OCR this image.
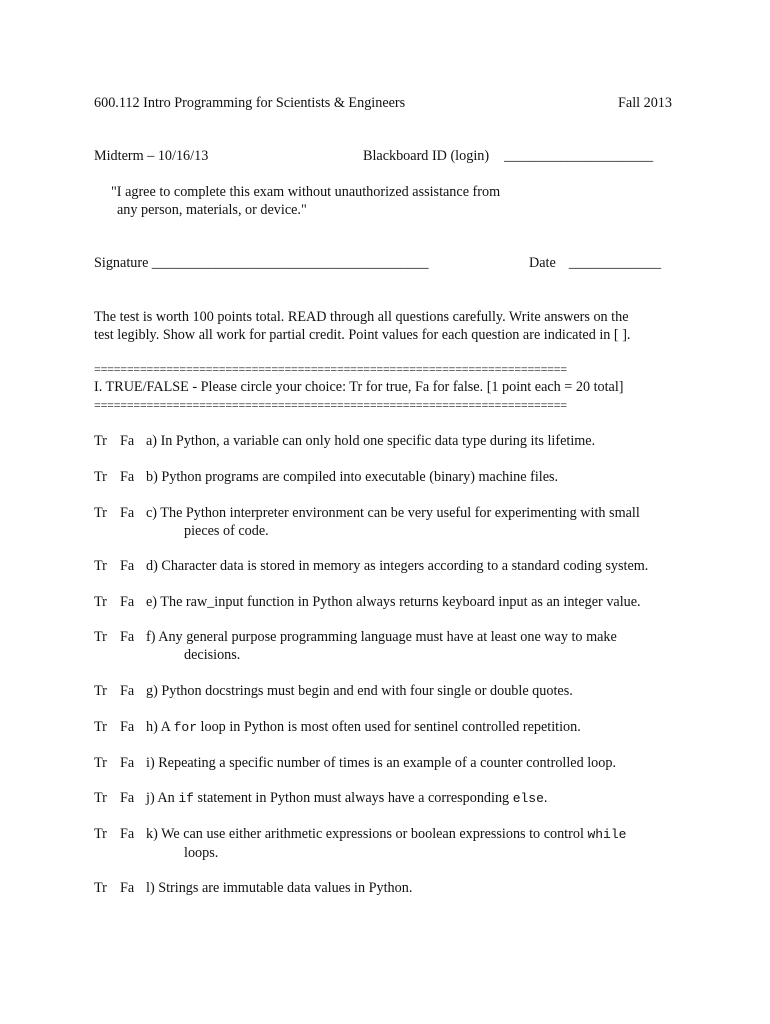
600.112 Intro Programming for Scientists & Engineers	Fall 2013
Midterm – 10/16/13	Blackboard ID (login) _____________________
"I agree to complete this exam without unauthorized assistance from
any person, materials, or device."
Signature _______________________________________	Date _____________
The test is worth 100 points total. READ through all questions carefully. Write answers on the
test legibly. Show all work for partial credit. Point values for each question are indicated in [ ].
========================================================================
I. TRUE/FALSE - Please circle your choice: Tr for true, Fa for false. [1 point each = 20 total]
========================================================================
Tr Fa a) In Python, a variable can only hold one specific data type during its lifetime.
Tr Fa b) Python programs are compiled into executable (binary) machine files.
Tr Fa c) The Python interpreter environment can be very useful for experimenting with small
pieces of code.
Tr Fa d) Character data is stored in memory as integers according to a standard coding system.
Tr Fa e) The raw_input function in Python always returns keyboard input as an integer value.
Tr Fa f) Any general purpose programming language must have at least one way to make
decisions.
Tr Fa g) Python docstrings must begin and end with four single or double quotes.
Tr Fa h) A for loop in Python is most often used for sentinel controlled repetition.
Tr Fa i) Repeating a specific number of times is an example of a counter controlled loop.
Tr Fa j) An if statement in Python must always have a corresponding else.
Tr Fa k) We can use either arithmetic expressions or boolean expressions to control while
loops.
Tr Fa l) Strings are immutable data values in Python.
